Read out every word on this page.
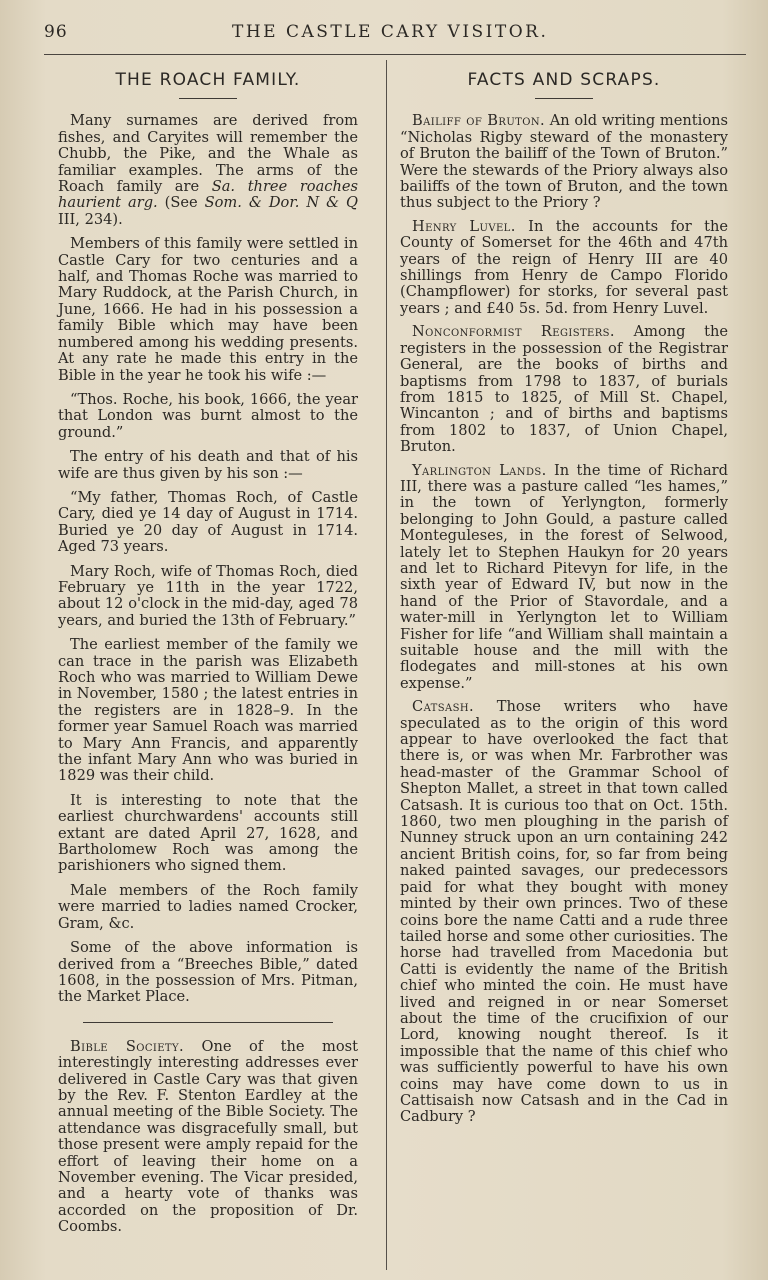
96	THE CASTLE CARY VISITOR.
THE ROACH FAMILY.

Many surnames are derived from fishes, and Caryites will remember the Chubb, the Pike, and the Whale as familiar examples. The arms of the Roach family are Sa. three roaches haurient arg. (See Som. & Dor. N & Q III, 234).

Members of this family were settled in Castle Cary for two centuries and a half, and Thomas Roche was married to Mary Ruddock, at the Parish Church, in June, 1666. He had in his possession a family Bible which may have been numbered among his wedding presents. At any rate he made this entry in the Bible in the year he took his wife :—

“Thos. Roche, his book, 1666, the year that London was burnt almost to the ground.”

The entry of his death and that of his wife are thus given by his son :—

“My father, Thomas Roch, of Castle Cary, died ye 14 day of August in 1714. Buried ye 20 day of August in 1714. Aged 73 years.

Mary Roch, wife of Thomas Roch, died February ye 11th in the year 1722, about 12 o'clock in the mid-day, aged 78 years, and buried the 13th of February.”

The earliest member of the family we can trace in the parish was Elizabeth Roch who was married to William Dewe in November, 1580 ; the latest entries in the registers are in 1828–9. In the former year Samuel Roach was married to Mary Ann Francis, and apparently the infant Mary Ann who was buried in 1829 was their child.

It is interesting to note that the earliest churchwardens' accounts still extant are dated April 27, 1628, and Bartholomew Roch was among the parishioners who signed them.

Male members of the Roch family were married to ladies named Crocker, Gram, &c.

Some of the above information is derived from a “Breeches Bible,” dated 1608, in the possession of Mrs. Pitman, the Market Place.

Bible Society. One of the most interestingly interesting addresses ever delivered in Castle Cary was that given by the Rev. F. Stenton Eardley at the annual meeting of the Bible Society. The attendance was disgracefully small, but those present were amply repaid for the effort of leaving their home on a November evening. The Vicar presided, and a hearty vote of thanks was accorded on the proposition of Dr. Coombs.

FACTS AND SCRAPS.

Bailiff of Bruton. An old writing mentions “Nicholas Rigby steward of the monastery of Bruton the bailiff of the Town of Bruton.” Were the stewards of the Priory always also bailiffs of the town of Bruton, and the town thus subject to the Priory ?

Henry Luvel. In the accounts for the County of Somerset for the 46th and 47th years of the reign of Henry III are 40 shillings from Henry de Campo Florido (Champflower) for storks, for several past years ; and £40 5s. 5d. from Henry Luvel.

Nonconformist Registers. Among the registers in the possession of the Registrar General, are the books of births and baptisms from 1798 to 1837, of burials from 1815 to 1825, of Mill St. Chapel, Wincanton ; and of births and baptisms from 1802 to 1837, of Union Chapel, Bruton.

Yarlington Lands. In the time of Richard III, there was a pasture called “les hames,” in the town of Yerlyngton, formerly belonging to John Gould, a pasture called Monteguleses, in the forest of Selwood, lately let to Stephen Haukyn for 20 years and let to Richard Pitevyn for life, in the sixth year of Edward IV, but now in the hand of the Prior of Stavordale, and a water-mill in Yerlyngton let to William Fisher for life “and William shall maintain a suitable house and the mill with the flodegates and mill-stones at his own expense.”

Catsash. Those writers who have speculated as to the origin of this word appear to have overlooked the fact that there is, or was when Mr. Farbrother was head-master of the Grammar School of Shepton Mallet, a street in that town called Catsash. It is curious too that on Oct. 15th. 1860, two men ploughing in the parish of Nunney struck upon an urn containing 242 ancient British coins, for, so far from being naked painted savages, our predecessors paid for what they bought with money minted by their own princes. Two of these coins bore the name Catti and a rude three tailed horse and some other curiosities. The horse had travelled from Macedonia but Catti is evidently the name of the British chief who minted the coin. He must have lived and reigned in or near Somerset about the time of the crucifixion of our Lord, knowing nought thereof. Is it impossible that the name of this chief who was sufficiently powerful to have his own coins may have come down to us in Cattisaish now Catsash and in the Cad in Cadbury ?
